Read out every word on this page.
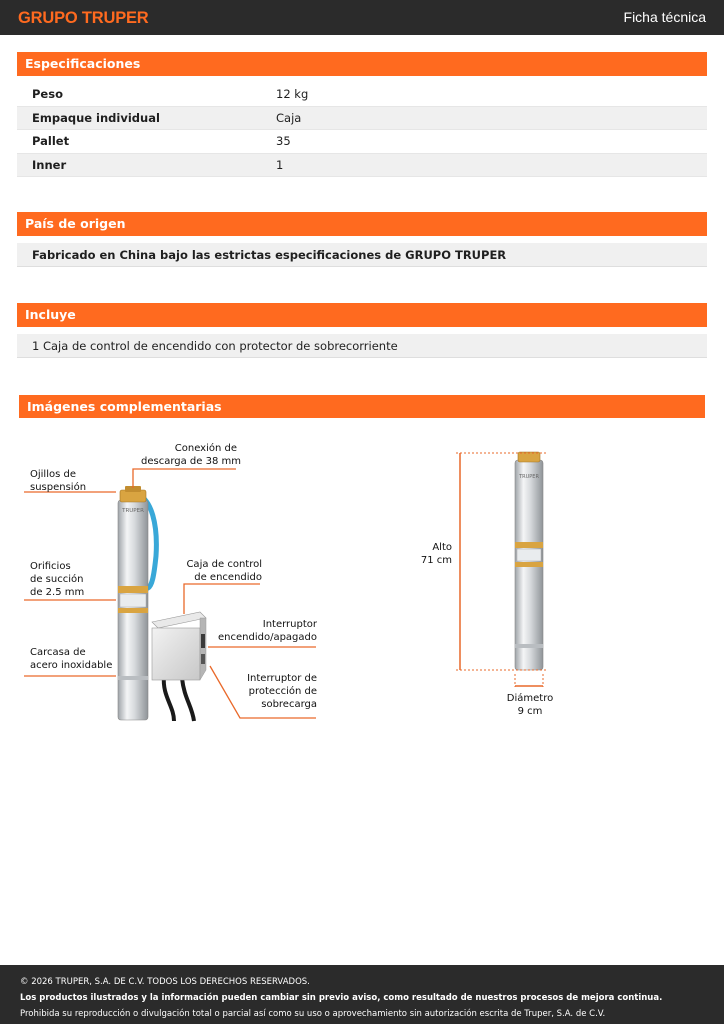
GRUPO TRUPER	Ficha técnica
Especificaciones
Peso	12 kg
Empaque individual	Caja
Pallet	35
Inner	1
País de origen
Fabricado en China bajo las estrictas especificaciones de GRUPO TRUPER
Incluye
1 Caja de control de encendido con protector de sobrecorriente
Imágenes complementarias
TRUPER
Conexión de
descarga de 38 mm
Ojillos de
suspensión
Orificios
de succión
de 2.5 mm
Caja de control
de encendido
Interruptor
encendido/apagado
Carcasa de
acero inoxidable
Interruptor de
protección de
sobrecarga
TRUPER
Alto
71 cm
Diámetro
9 cm
© 2026 TRUPER, S.A. DE C.V. TODOS LOS DERECHOS RESERVADOS.
Los productos ilustrados y la información pueden cambiar sin previo aviso, como resultado de nuestros procesos de mejora continua.
Prohibida su reproducción o divulgación total o parcial así como su uso o aprovechamiento sin autorización escrita de Truper, S.A. de C.V.
